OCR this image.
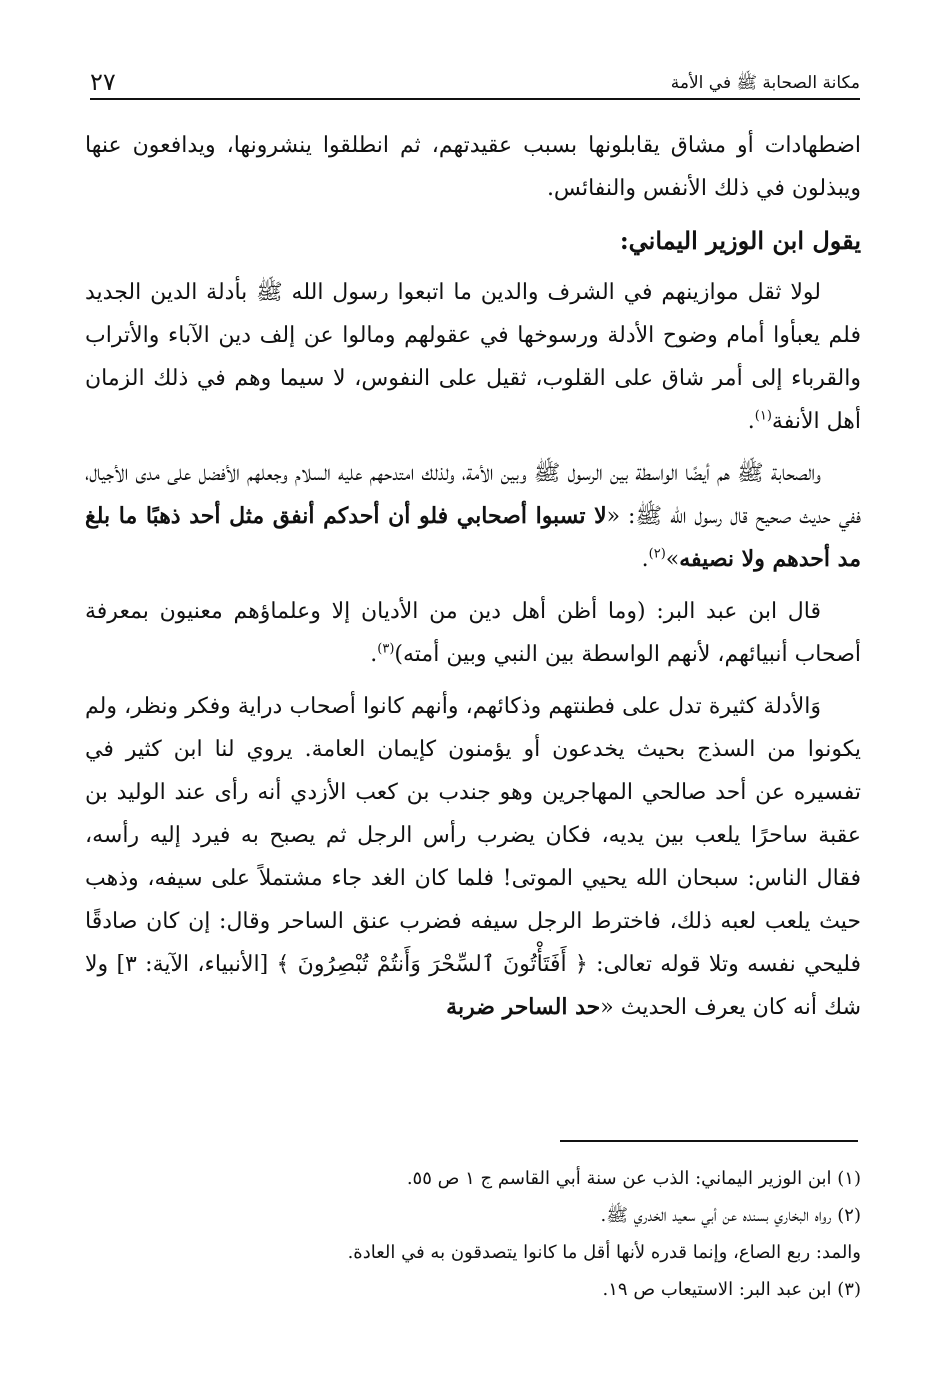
٢٧	مكانة الصحابة ﷺ في الأمة

اضطهادات أو مشاق يقابلونها بسبب عقيدتهم، ثم انطلقوا ينشرونها، ويدافعون عنها ويبذلون في ذلك الأنفس والنفائس.

يقول ابن الوزير اليماني:

لولا ثقل موازينهم في الشرف والدين ما اتبعوا رسول الله ﷺ بأدلة الدين الجديد فلم يعبأوا أمام وضوح الأدلة ورسوخها في عقولهم ومالوا عن إلف دين الآباء والأتراب والقرباء إلى أمر شاق على القلوب، ثقيل على النفوس، لا سيما وهم في ذلك الزمان أهل الأنفة$^{(١)}$.

والصحابة ﷺ هم أيضًا الواسطة بين الرسول ﷺ وبين الأمة، ولذلك امتدحهم عليه السلام وجعلهم الأفضل على مدى الأجيال، ففي حديث صحيح قال رسول الله ﷺ: «لا تسبوا أصحابي فلو أن أحدكم أنفق مثل أحد ذهبًا ما بلغ مد أحدهم ولا نصيفه»$^{(٢)}$.

قال ابن عبد البر: (وما أظن أهل دين من الأديان إلا وعلماؤهم معنيون بمعرفة أصحاب أنبيائهم، لأنهم الواسطة بين النبي وبين أمته)$^{(٣)}$.

وَالأدلة كثيرة تدل على فطنتهم وذكائهم، وأنهم كانوا أصحاب دراية وفكر ونظر، ولم يكونوا من السذج بحيث يخدعون أو يؤمنون كإيمان العامة. يروي لنا ابن كثير في تفسيره عن أحد صالحي المهاجرين وهو جندب بن كعب الأزدي أنه رأى عند الوليد بن عقبة ساحرًا يلعب بين يديه، فكان يضرب رأس الرجل ثم يصبح به فيرد إليه رأسه، فقال الناس: سبحان الله يحيي الموتى! فلما كان الغد جاء مشتملاً على سيفه، وذهب حيث يلعب لعبه ذلك، فاخترط الرجل سيفه فضرب عنق الساحر وقال: إن كان صادقًا فليحي نفسه وتلا قوله تعالى: ﴿ أَفَتَأْتُونَ ٱلسِّحْرَ وَأَنتُمْ تُبْصِرُونَ ﴾ [الأنبياء، الآية: ٣] ولا شك أنه كان يعرف الحديث «حد الساحر ضربة

(١) ابن الوزير اليماني: الذب عن سنة أبي القاسم ج ١ ص ٥٥.
(٢) رواه البخاري بسنده عن أبي سعيد الخدري ﷺ.
والمد: ربع الصاع، وإنما قدره لأنها أقل ما كانوا يتصدقون به في العادة.
(٣) ابن عبد البر: الاستيعاب ص ١٩.
